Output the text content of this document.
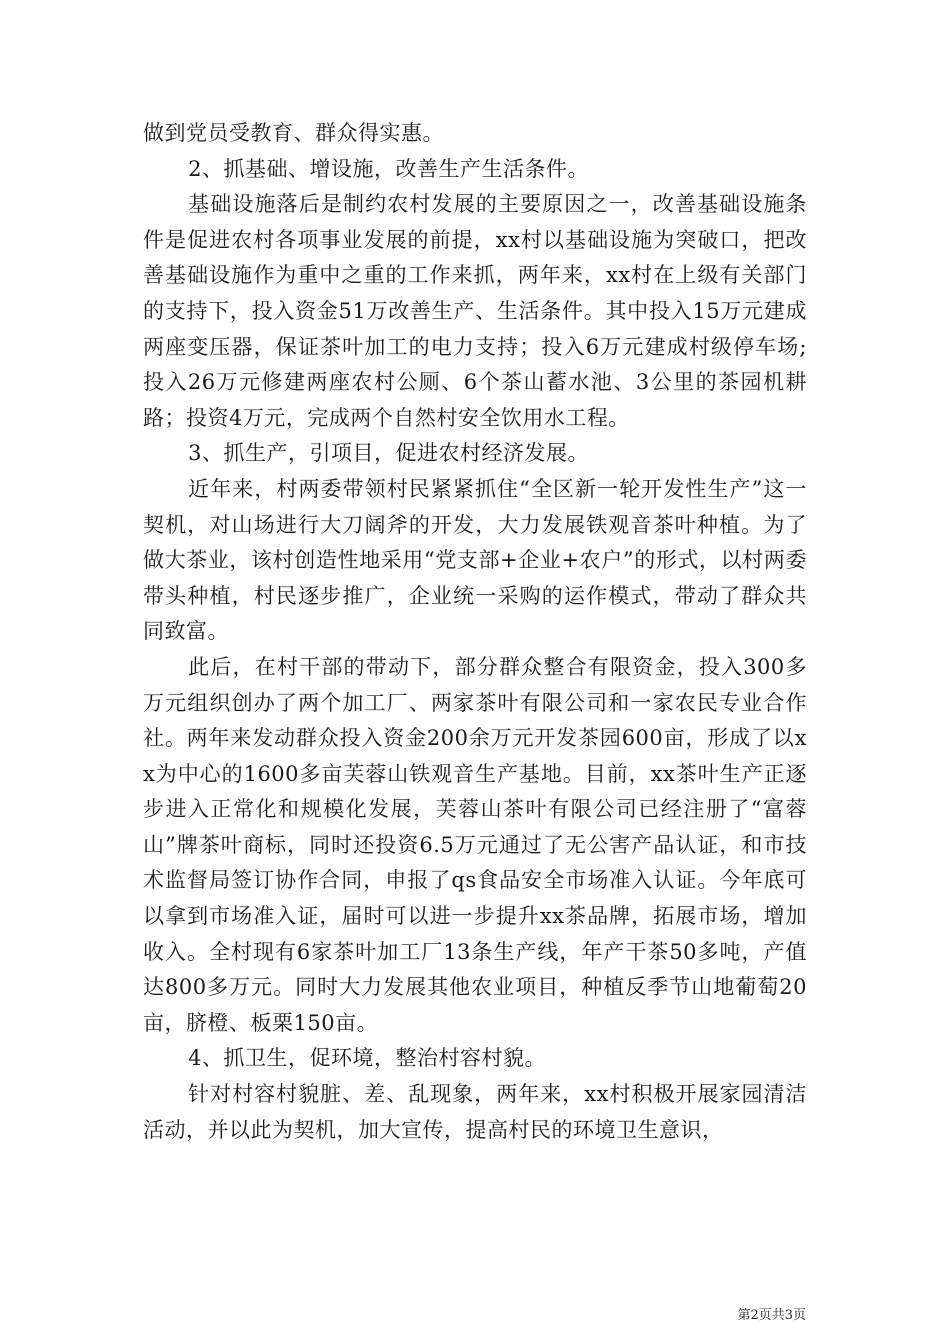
做到党员受教育、群众得实惠。

2、抓基础、增设施，改善生产生活条件。

基础设施落后是制约农村发展的主要原因之一，改善基础设施条件是促进农村各项事业发展的前提，xx村以基础设施为突破口，把改善基础设施作为重中之重的工作来抓，两年来，xx村在上级有关部门的支持下，投入资金51万改善生产、生活条件。其中投入15万元建成两座变压器，保证茶叶加工的电力支持；投入6万元建成村级停车场;投入26万元修建两座农村公厕、6个茶山蓄水池、3公里的茶园机耕路；投资4万元，完成两个自然村安全饮用水工程。

3、抓生产，引项目，促进农村经济发展。

近年来，村两委带领村民紧紧抓住“全区新一轮开发性生产”这一契机，对山场进行大刀阔斧的开发，大力发展铁观音茶叶种植。为了做大茶业，该村创造性地采用“党支部+企业+农户”的形式，以村两委带头种植，村民逐步推广，企业统一采购的运作模式，带动了群众共同致富。

此后，在村干部的带动下，部分群众整合有限资金，投入300多万元组织创办了两个加工厂、两家茶叶有限公司和一家农民专业合作社。两年来发动群众投入资金200余万元开发茶园600亩，形成了以xx为中心的1600多亩芙蓉山铁观音生产基地。目前，xx茶叶生产正逐步进入正常化和规模化发展，芙蓉山茶叶有限公司已经注册了“富蓉山”牌茶叶商标，同时还投资6.5万元通过了无公害产品认证，和市技术监督局签订协作合同，申报了qs食品安全市场准入认证。今年底可以拿到市场准入证，届时可以进一步提升xx茶品牌，拓展市场，增加收入。全村现有6家茶叶加工厂13条生产线，年产干茶50多吨，产值达800多万元。同时大力发展其他农业项目，种植反季节山地葡萄20亩，脐橙、板栗150亩。

4、抓卫生，促环境，整治村容村貌。

针对村容村貌脏、差、乱现象，两年来，xx村积极开展家园清洁活动，并以此为契机，加大宣传，提高村民的环境卫生意识，

第2页共3页
